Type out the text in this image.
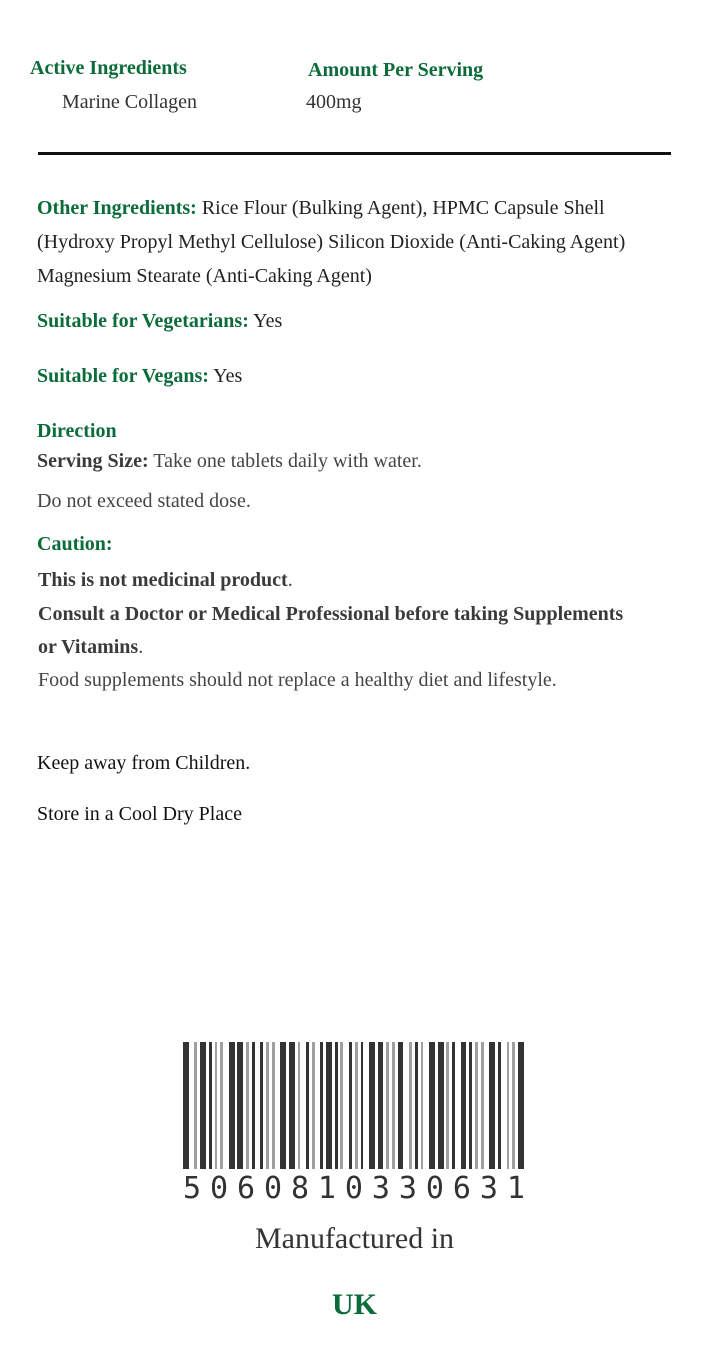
Active Ingredients	Amount Per Serving
Marine Collagen	400mg
Other Ingredients: Rice Flour (Bulking Agent), HPMC Capsule Shell
(Hydroxy Propyl Methyl Cellulose) Silicon Dioxide (Anti-Caking Agent)
Magnesium Stearate (Anti-Caking Agent)
Suitable for Vegetarians: Yes
Suitable for Vegans: Yes
Direction
Serving Size: Take one tablets daily with water.
Do not exceed stated dose.
Caution:
This is not medicinal product.
Consult a Doctor or Medical Professional before taking Supplements
or Vitamins.
Food supplements should not replace a healthy diet and lifestyle.
Keep away from Children.
Store in a Cool Dry Place
5 0 6 0 8 1 0 3 3 0 6 3 1
Manufactured in
UK
